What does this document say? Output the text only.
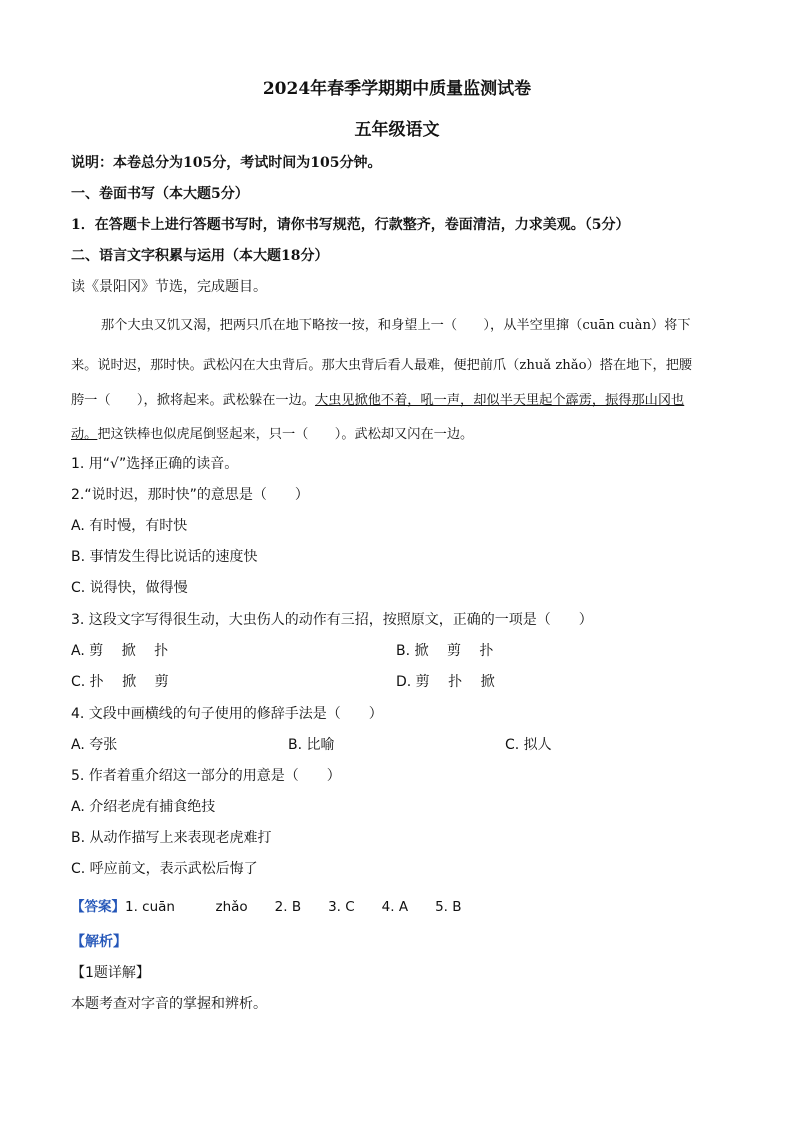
2024年春季学期期中质量监测试卷
五年级语文
说明：本卷总分为105分，考试时间为105分钟。
一、卷面书写（本大题5分）
1．在答题卡上进行答题书写时，请你书写规范，行款整齐，卷面清洁，力求美观。（5分）
二、语言文字积累与运用（本大题18分）
读《景阳冈》节选，完成题目。
那个大虫又饥又渴，把两只爪在地下略按一按，和身望上一（　　），从半空里撺（cuān cuàn）将下
来。说时迟，那时快。武松闪在大虫背后。那大虫背后看人最难，便把前爪（zhuǎ zhǎo）搭在地下，把腰
胯一（　　），掀将起来。武松躲在一边。大虫见掀他不着，吼一声，却似半天里起个霹雳，振得那山冈也
动。把这铁棒也似虎尾倒竖起来，只一（　　）。武松却又闪在一边。
1. 用“√”选择正确的读音。
2.“说时迟，那时快”的意思是（　　）
A. 有时慢，有时快
B. 事情发生得比说话的速度快
C. 说得快，做得慢
3. 这段文字写得很生动，大虫伤人的动作有三招，按照原文，正确的一项是（　　）
A. 剪　 掀　 扑	B. 掀　 剪　 扑
C. 扑　 掀　 剪	D. 剪　 扑　 掀
4. 文段中画横线的句子使用的修辞手法是（　　）
A. 夸张	B. 比喻	C. 拟人
5. 作者着重介绍这一部分的用意是（　　）
A. 介绍老虎有捕食绝技
B. 从动作描写上来表现老虎难打
C. 呼应前文，表示武松后悔了
【答案】1. cuān　　　zhǎo　　2. B　　3. C　　4. A　　5. B
【解析】
【1题详解】
本题考查对字音的掌握和辨析。
